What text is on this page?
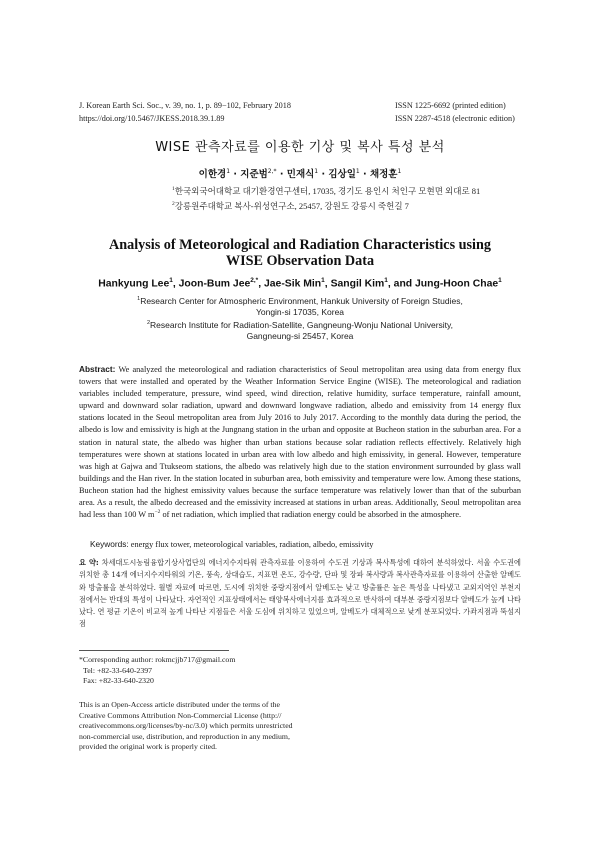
J. Korean Earth Sci. Soc., v. 39, no. 1, p. 89−102, February 2018
https://doi.org/10.5467/JKESS.2018.39.1.89
ISSN 1225-6692 (printed edition)
ISSN 2287-4518 (electronic edition)
WISE 관측자료를 이용한 기상 및 복사 특성 분석
이한경$^1$ · 지준범$^{2,*}$ · 민재식$^1$ · 김상일$^1$ · 채정훈$^1$
$^1$한국외국어대학교 대기환경연구센터, 17035, 경기도 용인시 처인구 모현면 외대로 81
$^2$강릉원주대학교 복사-위성연구소, 25457, 강원도 강릉시 죽헌길 7
Analysis of Meteorological and Radiation Characteristics using
WISE Observation Data
Hankyung Lee$^1$, Joon-Bum Jee$^{2,*}$, Jae-Sik Min$^1$, Sangil Kim$^1$, and Jung-Hoon Chae$^1$
$^1$Research Center for Atmospheric Environment, Hankuk University of Foreign Studies,
Yongin-si 17035, Korea
$^2$Research Institute for Radiation-Satellite, Gangneung-Wonju National University,
Gangneung-si 25457, Korea
Abstract: We analyzed the meteorological and radiation characteristics of Seoul metropolitan area using data from energy flux towers that were installed and operated by the Weather Information Service Engine (WISE). The meteorological and radiation variables included temperature, pressure, wind speed, wind direction, relative humidity, surface temperature, rainfall amount, upward and downward solar radiation, upward and downward longwave radiation, albedo and emissivity from 14 energy flux stations located in the Seoul metropolitan area from July 2016 to July 2017. According to the monthly data during the period, the albedo is low and emissivity is high at the Jungnang station in the urban and opposite at Bucheon station in the suburban area. For a station in natural state, the albedo was higher than urban stations because solar radiation reflects effectively. Relatively high temperatures were shown at stations located in urban area with low albedo and high emissivity, in general. However, temperature was high at Gajwa and Ttukseom stations, the albedo was relatively high due to the station environment surrounded by glass wall buildings and the Han river. In the station located in suburban area, both emissivity and temperature were low. Among these stations, Bucheon station had the highest emissivity values because the surface temperature was relatively lower than that of the suburban area. As a result, the albedo decreased and the emissivity increased at stations in urban areas. Additionally, Seoul metropolitan area had less than 100 W $m^{-2}$ of net radiation, which implied that radiation energy could be absorbed in the atmosphere.
Keywords: energy flux tower, meteorological variables, radiation, albedo, emissivity
요 약: 차세대도시농림융합기상사업단의 에너지수지타워 관측자료를 이용하여 수도권 기상과 복사특성에 대하여 분석하였다. 서울 수도권에 위치한 총 14개 에너지수지타워의 기온, 풍속, 상대습도, 지표면 온도, 강수량, 단파 및 장파 복사량과 복사관측자료를 이용하여 산출한 알베도와 방출률을 분석하였다. 월별 자료에 따르면, 도시에 위치한 중랑지점에서 알베도는 낮고 방출률은 높은 특성을 나타냈고 교외지역인 부천지점에서는 반대의 특성이 나타났다. 자연적인 지표상태에서는 태양복사에너지를 효과적으로 반사하여 대부분 중랑지점보다 알베도가 높게 나타났다. 연 평균 기온이 비교적 높게 나타난 지점들은 서울 도심에 위치하고 있었으며, 알베도가 대체적으로 낮게 분포되었다. 가좌지점과 뚝섬지점
*Corresponding author: rokmcjjb717@gmail.com
Tel: +82-33-640-2397
Fax: +82-33-640-2320
This is an Open-Access article distributed under the terms of the
Creative Commons Attribution Non-Commercial License (http://
creativecommons.org/licenses/by-nc/3.0) which permits unrestricted
non-commercial use, distribution, and reproduction in any medium,
provided the original work is properly cited.
